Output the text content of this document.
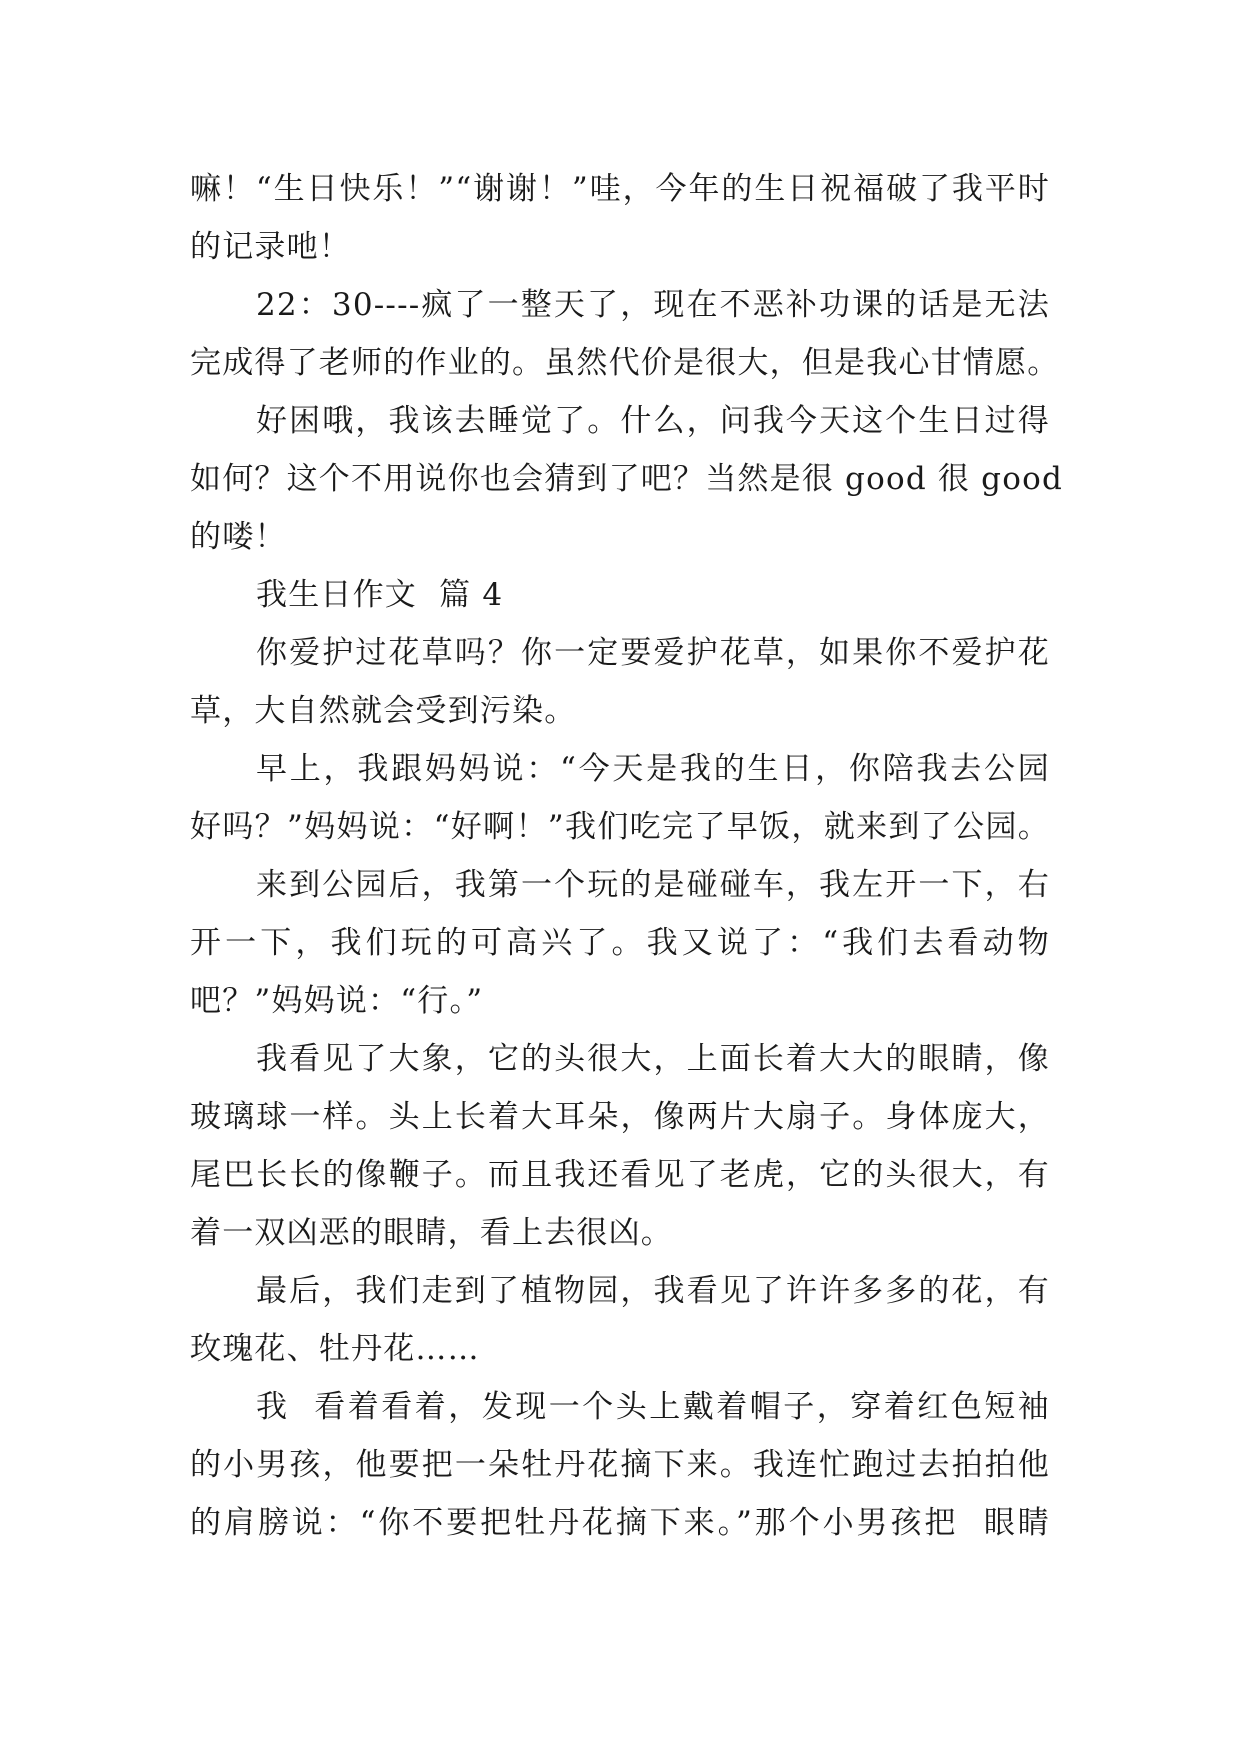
嘛！“生日快乐！”“谢谢！”哇，今年的生日祝福破了我平时
的记录吔！
22：30----疯了一整天了，现在不恶补功课的话是无法
完成得了老师的作业的。虽然代价是很大，但是我心甘情愿。
好困哦，我该去睡觉了。什么，问我今天这个生日过得
如何？这个不用说你也会猜到了吧？当然是很 good 很 good
的喽！
我生日作文  篇 4
你爱护过花草吗？你一定要爱护花草，如果你不爱护花
草，大自然就会受到污染。
早上，我跟妈妈说：“今天是我的生日，你陪我去公园
好吗？”妈妈说：“好啊！”我们吃完了早饭，就来到了公园。
来到公园后，我第一个玩的是碰碰车，我左开一下，右
开一下，我们玩的可高兴了。我又说了：“我们去看动物
吧？”妈妈说：“行。”
我看见了大象，它的头很大，上面长着大大的眼睛，像
玻璃球一样。头上长着大耳朵，像两片大扇子。身体庞大，
尾巴长长的像鞭子。而且我还看见了老虎，它的头很大，有
着一双凶恶的眼睛，看上去很凶。
最后，我们走到了植物园，我看见了许许多多的花，有
玫瑰花、牡丹花……
我  看着看着，发现一个头上戴着帽子，穿着红色短袖
的小男孩，他要把一朵牡丹花摘下来。我连忙跑过去拍拍他
的肩膀说：“你不要把牡丹花摘下来。”那个小男孩把  眼睛
